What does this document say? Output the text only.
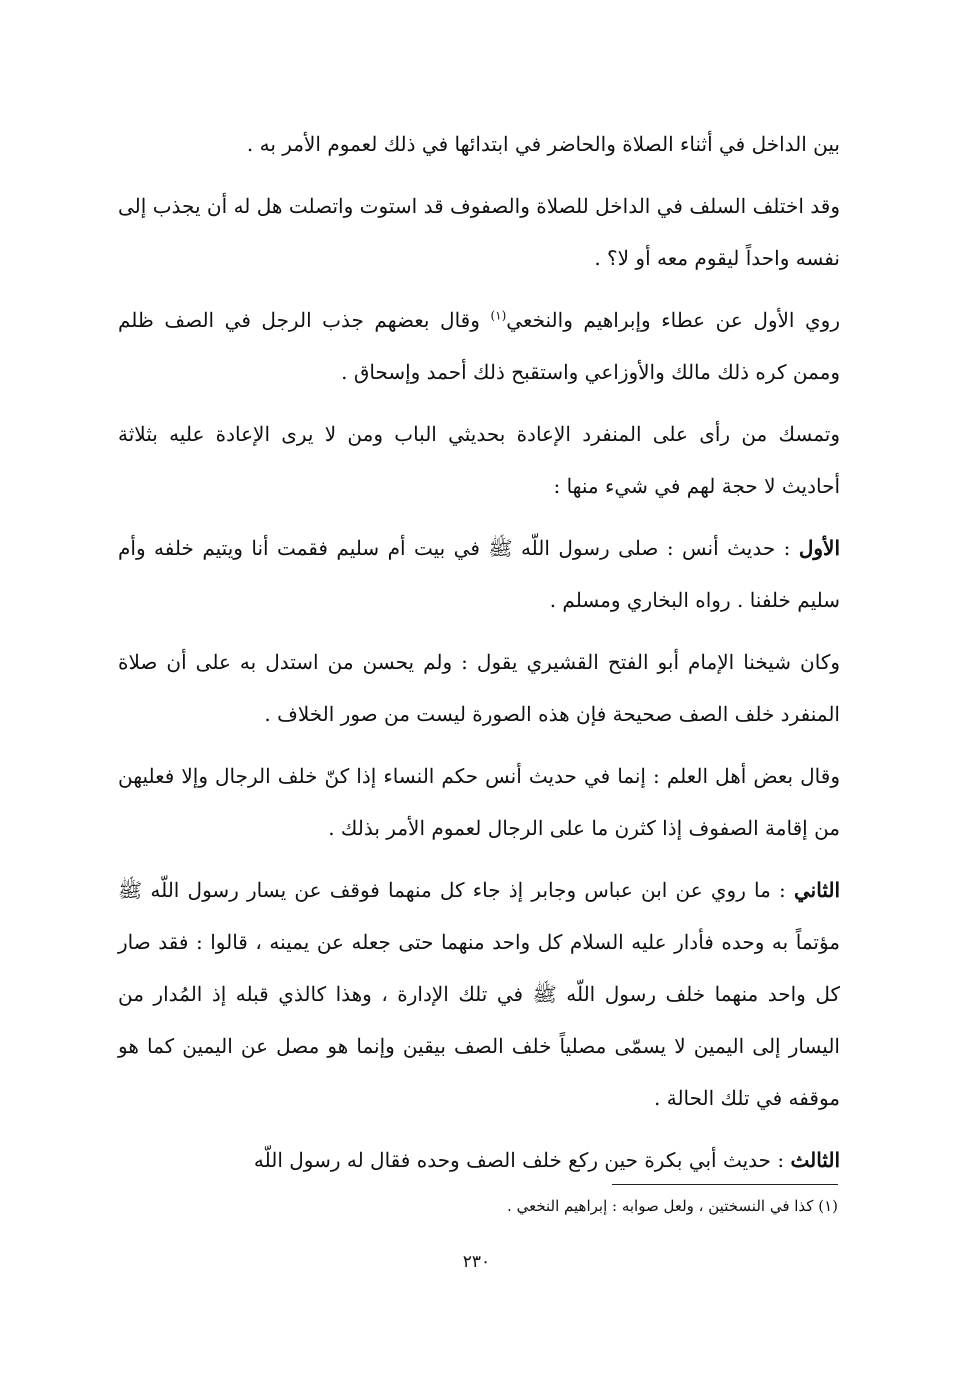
بين الداخل في أثناء الصلاة والحاضر في ابتدائها في ذلك لعموم الأمر به .

وقد اختلف السلف في الداخل للصلاة والصفوف قد استوت واتصلت هل له أن يجذب إلى نفسه واحداً ليقوم معه أو لا؟ .

روي الأول عن عطاء وإبراهيم والنخعي$^{(١)}$ وقال بعضهم جذب الرجل في الصف ظلم وممن كره ذلك مالك والأوزاعي واستقبح ذلك أحمد وإسحاق .

وتمسك من رأى على المنفرد الإعادة بحديثي الباب ومن لا يرى الإعادة عليه بثلاثة أحاديث لا حجة لهم في شيء منها :

الأول : حديث أنس : صلى رسول اللّه ﷺ في بيت أم سليم فقمت أنا ويتيم خلفه وأم سليم خلفنا . رواه البخاري ومسلم .

وكان شيخنا الإمام أبو الفتح القشيري يقول : ولم يحسن من استدل به على أن صلاة المنفرد خلف الصف صحيحة فإن هذه الصورة ليست من صور الخلاف .

وقال بعض أهل العلم : إنما في حديث أنس حكم النساء إذا كنّ خلف الرجال وإلا فعليهن من إقامة الصفوف إذا كثرن ما على الرجال لعموم الأمر بذلك .

الثاني : ما روي عن ابن عباس وجابر إذ جاء كل منهما فوقف عن يسار رسول اللّه ﷺ مؤتماً به وحده فأدار عليه السلام كل واحد منهما حتى جعله عن يمينه ، قالوا : فقد صار كل واحد منهما خلف رسول اللّه ﷺ في تلك الإدارة ، وهذا كالذي قبله إذ المُدار من اليسار إلى اليمين لا يسمّى مصلياً خلف الصف بيقين وإنما هو مصل عن اليمين كما هو موقفه في تلك الحالة .

الثالث : حديث أبي بكرة حين ركع خلف الصف وحده فقال له رسول اللّه

(١) كذا في النسختين ، ولعل صوابه : إبراهيم النخعي .
٢٣٠
